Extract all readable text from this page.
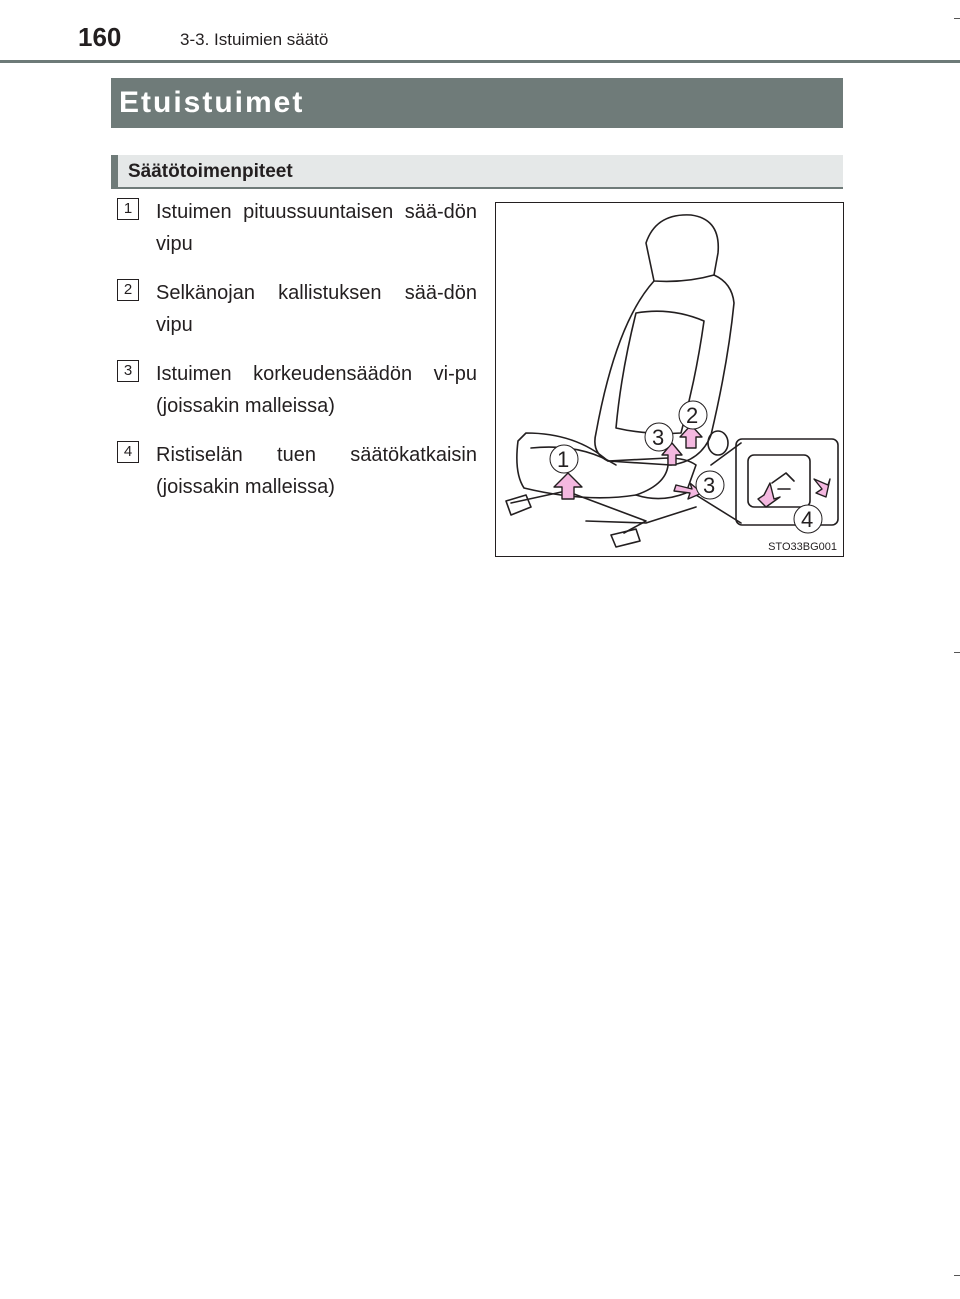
160	3-3. Istuimien säätö
Etuistuimet
Säätötoimenpiteet
1	Istuimen pituussuuntaisen sää-dön vipu
2	Selkänojan kallistuksen sää-dön vipu
3	Istuimen korkeudensäädön vi-pu (joissakin malleissa)
4	Ristiselän tuen säätökatkaisin (joissakin malleissa)
1
2
3
3
4
STO33BG001
